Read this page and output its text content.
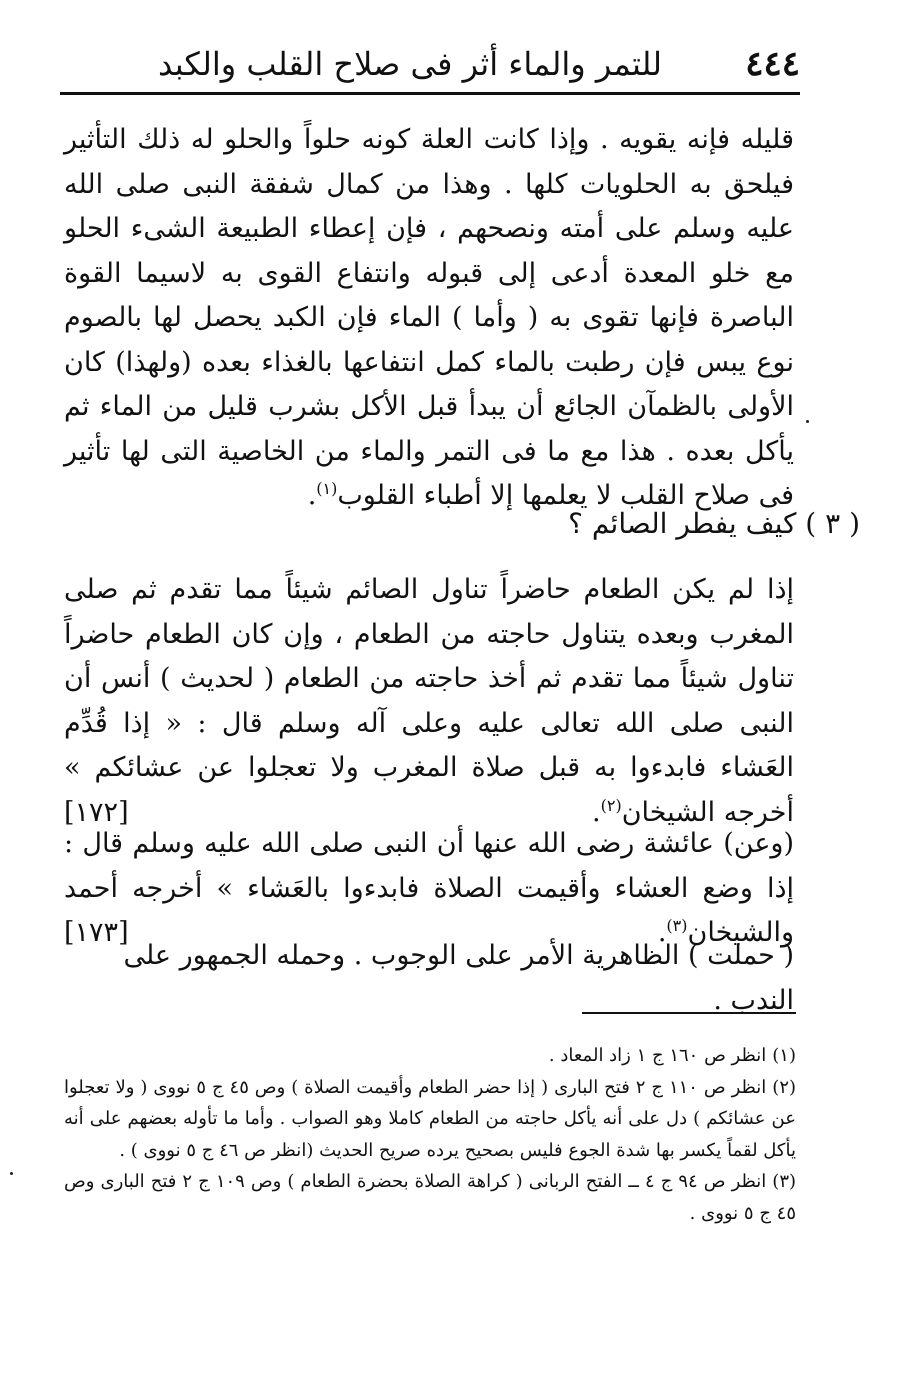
٤٤٤
للتمر والماء أثر فى صلاح القلب والكبد

قليله فإنه يقويه . وإذا كانت العلة كونه حلواً والحلو له ذلك التأثير فيلحق به الحلويات كلها . وهذا من كمال شفقة النبى صلى الله عليه وسلم على أمته ونصحهم ، فإن إعطاء الطبيعة الشىء الحلو مع خلو المعدة أدعى إلى قبوله وانتفاع القوى به لاسيما القوة الباصرة فإنها تقوى به ( وأما ) الماء فإن الكبد يحصل لها بالصوم نوع يبس فإن رطبت بالماء كمل انتفاعها بالغذاء بعده (ولهذا) كان الأولى بالظمآن الجائع أن يبدأ قبل الأكل بشرب قليل من الماء ثم يأكل بعده . هذا مع ما فى التمر والماء من الخاصية التى لها تأثير فى صلاح القلب لا يعلمها إلا أطباء القلوب$^{(١)}$.

( ٣ ) كيف يفطر الصائم ؟

إذا لم يكن الطعام حاضراً تناول الصائم شيئاً مما تقدم ثم صلى المغرب وبعده يتناول حاجته من الطعام ، وإن كان الطعام حاضراً تناول شيئاً مما تقدم ثم أخذ حاجته من الطعام ( لحديث ) أنس أن النبى صلى الله تعالى عليه وعلى آله وسلم قال : « إذا قُدِّم العَشاء فابدءوا به قبل صلاة المغرب ولا تعجلوا عن عشائكم » أخرجه الشيخان$^{(٢)}$.
[١٧٢]

(وعن) عائشة رضى الله عنها أن النبى صلى الله عليه وسلم قال : إذا وضع العشاء وأقيمت الصلاة فابدءوا بالعَشاء » أخرجه أحمد والشيخان$^{(٣)}$.
[١٧٣]

( حملت ) الظاهرية الأمر على الوجوب . وحمله الجمهور على الندب .

(١)انظر ص ١٦٠ ج ١ زاد المعاد .

(٢)انظر ص ١١٠ ج ٢ فتح البارى ( إذا حضر الطعام وأقيمت الصلاة ) وص ٤٥ ج ٥ نووى ( ولا تعجلوا عن عشائكم ) دل على أنه يأكل حاجته من الطعام كاملا وهو الصواب . وأما ما تأوله بعضهم على أنه يأكل لقماً يكسر بها شدة الجوع فليس بصحيح يرده صريح الحديث (انظر ص ٤٦ ج ٥ نووى ) .

(٣)انظر ص ٩٤ ج ٤ ــ الفتح الربانى ( كراهة الصلاة بحضرة الطعام ) وص ١٠٩ ج ٢ فتح البارى وص ٤٥ ج ٥ نووى .
